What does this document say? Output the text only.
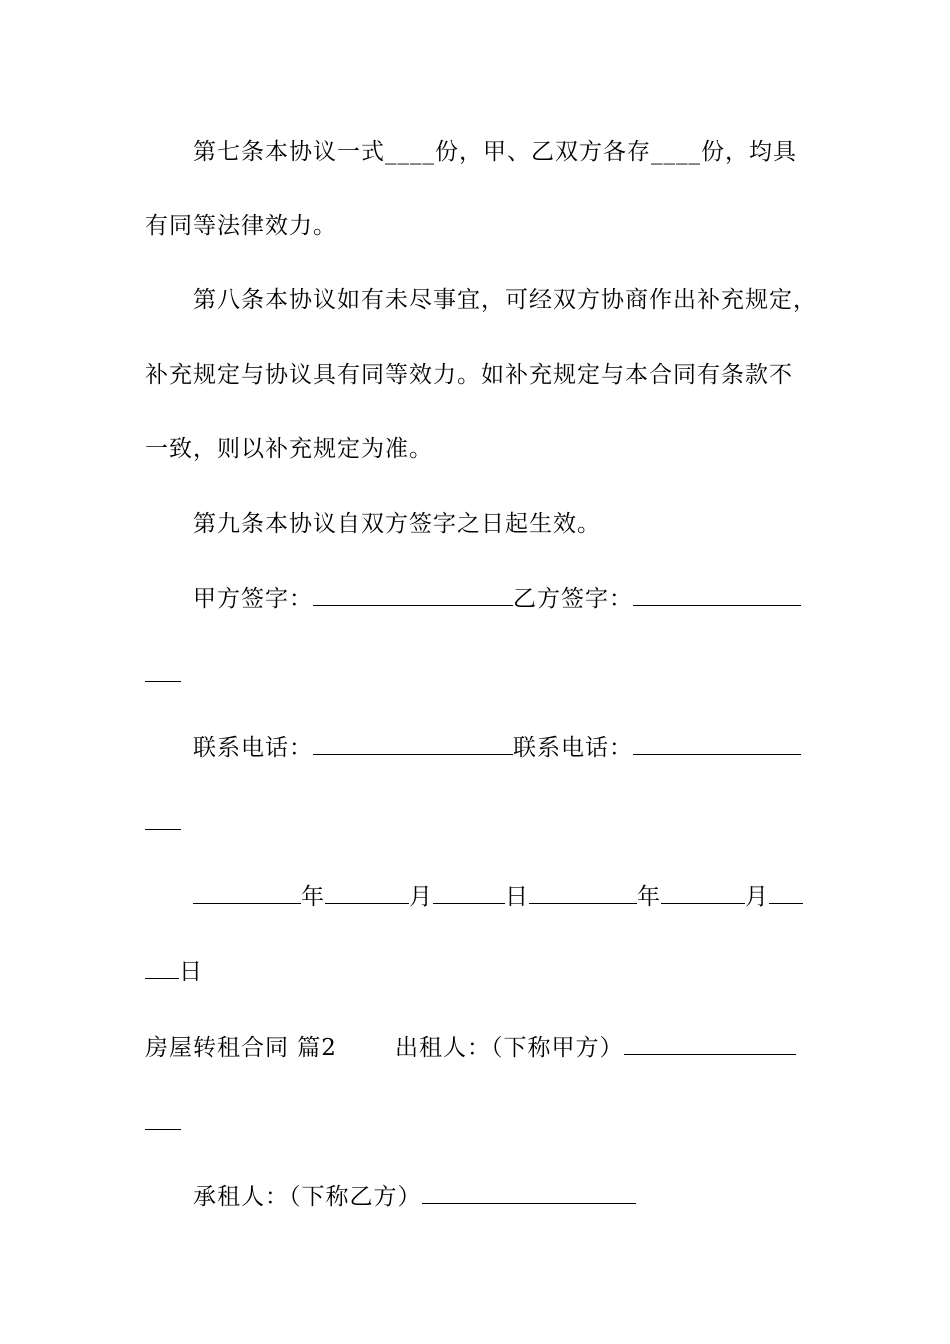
第七条本协议一式____份，甲、乙双方各存____份，均具
有同等法律效力。
第八条本协议如有未尽事宜，可经双方协商作出补充规定，
补充规定与协议具有同等效力。如补充规定与本合同有条款不
一致，则以补充规定为准。
第九条本协议自双方签字之日起生效。
甲方签字：	乙方签字：
联系电话：	联系电话：
年	月	日	年	月
日
房屋转租合同 篇2	出租人：（下称甲方）
承租人：（下称乙方）
